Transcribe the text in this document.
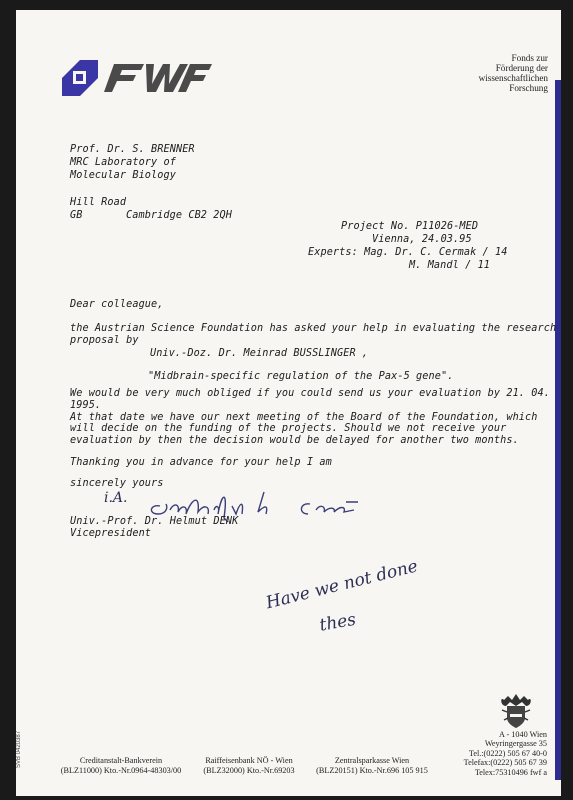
Fonds zur
Förderung der
wissenschaftlichen
Forschung
Prof. Dr. S. BRENNER
MRC Laboratory of
Molecular Biology
Hill Road
GB	Cambridge CB2 2QH
Project No. P11026-MED
Vienna, 24.03.95
Experts: Mag. Dr. C. Cermak / 14
M. Mandl / 11
Dear colleague,
the Austrian Science Foundation has asked your help in evaluating the research
proposal by
Univ.-Doz. Dr. Meinrad BUSSLINGER ,
"Midbrain-specific regulation of the Pax-5 gene".
We would be very much obliged if you could send us your evaluation by 21. 04.
1995.
At that date we have our next meeting of the Board of the Foundation, which
will decide on the funding of the projects. Should we not receive your
evaluation by then the decision would be delayed for another two months.
Thanking you in advance for your help I am
sincerely yours
i.A.
Univ.-Prof. Dr. Helmut DENK
Vicepresident
Have we not done
thes
Creditanstalt-Bankverein
(BLZ11000) Kto.-Nr.0964-48303/00
Raiffeisenbank NÖ - Wien
(BLZ32000) Kto.-Nr.69203
Zentralsparkasse Wien
(BLZ20151) Kto.-Nr.696 105 915
A - 1040 Wien
Weyringergasse 35
Tel.:(0222) 505 67 40-0
Telefax:(0222) 505 67 39
Telex:75310496 fwf a
SVB 0420387
